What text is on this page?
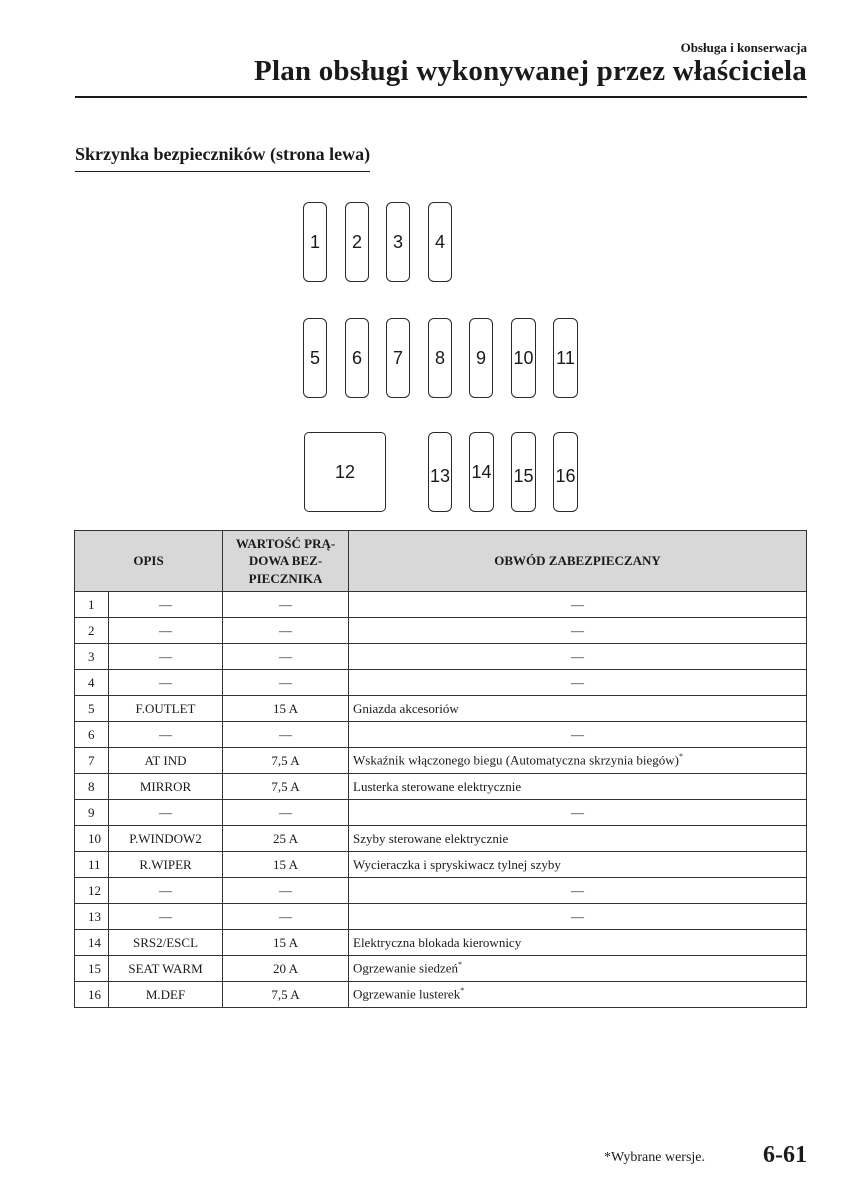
Obsługa i konserwacja
Plan obsługi wykonywanej przez właściciela
Skrzynka bezpieczników (strona lewa)
1	2	3	4
5	6	7	8	9	10 11
12	13 14 15 16
OPIS		WARTOŚĆ PRĄ-
DOWA BEZ-
PIECZNIKA	OBWÓD ZABEZPIECZANY
1	—	—	—
2	—	—	—
3	—	—	—
4	—	—	—
5	F.OUTLET	15 A	Gniazda akcesoriów
6	—	—	—
7	AT IND	7,5 A	Wskaźnik włączonego biegu (Automatyczna skrzynia biegów)*
8	MIRROR	7,5 A	Lusterka sterowane elektrycznie
9	—	—	—
10	P.WINDOW2	25 A	Szyby sterowane elektrycznie
11	R.WIPER	15 A	Wycieraczka i spryskiwacz tylnej szyby
12	—	—	—
13	—	—	—
14	SRS2/ESCL	15 A	Elektryczna blokada kierownicy
15	SEAT WARM	20 A	Ogrzewanie siedzeń*
16	M.DEF	7,5 A	Ogrzewanie lusterek*
*Wybrane wersje. 6-61
